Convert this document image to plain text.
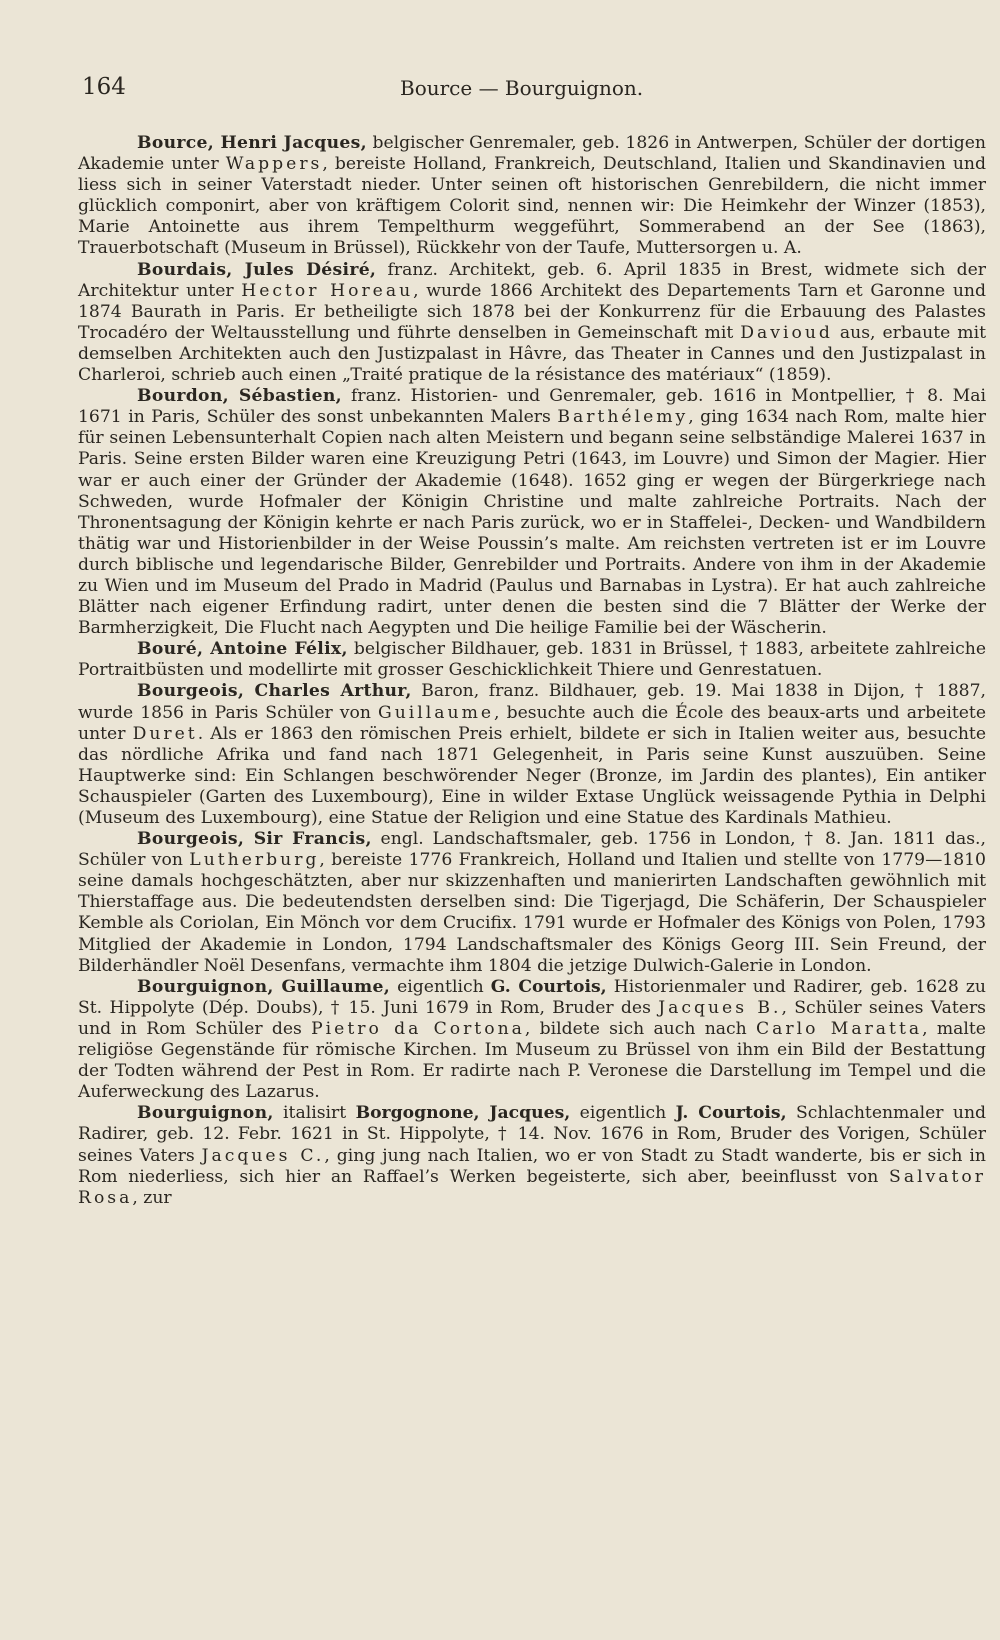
164	Bource — Bourguignon.

Bource, Henri Jacques, belgischer Genremaler, geb. 1826 in Antwerpen, Schüler der dortigen Akademie unter Wappers, bereiste Holland, Frankreich, Deutschland, Italien und Skandinavien und liess sich in seiner Vaterstadt nieder. Unter seinen oft historischen Genrebildern, die nicht immer glücklich componirt, aber von kräftigem Colorit sind, nennen wir: Die Heimkehr der Winzer (1853), Marie Antoinette aus ihrem Tempelthurm weggeführt, Sommerabend an der See (1863), Trauerbotschaft (Museum in Brüssel), Rückkehr von der Taufe, Muttersorgen u. A.

Bourdais, Jules Désiré, franz. Architekt, geb. 6. April 1835 in Brest, widmete sich der Architektur unter Hector Horeau, wurde 1866 Architekt des Departements Tarn et Garonne und 1874 Baurath in Paris. Er betheiligte sich 1878 bei der Konkurrenz für die Erbauung des Palastes Trocadéro der Weltausstellung und führte denselben in Gemeinschaft mit Davioud aus, erbaute mit demselben Architekten auch den Justizpalast in Hâvre, das Theater in Cannes und den Justizpalast in Charleroi, schrieb auch einen „Traité pratique de la résistance des matériaux“ (1859).

Bourdon, Sébastien, franz. Historien- und Genremaler, geb. 1616 in Montpellier, † 8. Mai 1671 in Paris, Schüler des sonst unbekannten Malers Barthélemy, ging 1634 nach Rom, malte hier für seinen Lebensunterhalt Copien nach alten Meistern und begann seine selbständige Malerei 1637 in Paris. Seine ersten Bilder waren eine Kreuzigung Petri (1643, im Louvre) und Simon der Magier. Hier war er auch einer der Gründer der Akademie (1648). 1652 ging er wegen der Bürgerkriege nach Schweden, wurde Hofmaler der Königin Christine und malte zahlreiche Portraits. Nach der Thronentsagung der Königin kehrte er nach Paris zurück, wo er in Staffelei-, Decken- und Wandbildern thätig war und Historienbilder in der Weise Poussin’s malte. Am reichsten vertreten ist er im Louvre durch biblische und legendarische Bilder, Genrebilder und Portraits. Andere von ihm in der Akademie zu Wien und im Museum del Prado in Madrid (Paulus und Barnabas in Lystra). Er hat auch zahlreiche Blätter nach eigener Erfindung radirt, unter denen die besten sind die 7 Blätter der Werke der Barmherzigkeit, Die Flucht nach Aegypten und Die heilige Familie bei der Wäscherin.

Bouré, Antoine Félix, belgischer Bildhauer, geb. 1831 in Brüssel, † 1883, arbeitete zahlreiche Portraitbüsten und modellirte mit grosser Geschicklichkeit Thiere und Genrestatuen.

Bourgeois, Charles Arthur, Baron, franz. Bildhauer, geb. 19. Mai 1838 in Dijon, † 1887, wurde 1856 in Paris Schüler von Guillaume, besuchte auch die École des beaux-arts und arbeitete unter Duret. Als er 1863 den römischen Preis erhielt, bildete er sich in Italien weiter aus, besuchte das nördliche Afrika und fand nach 1871 Gelegenheit, in Paris seine Kunst auszuüben. Seine Hauptwerke sind: Ein Schlangen beschwörender Neger (Bronze, im Jardin des plantes), Ein antiker Schauspieler (Garten des Luxembourg), Eine in wilder Extase Unglück weissagende Pythia in Delphi (Museum des Luxembourg), eine Statue der Religion und eine Statue des Kardinals Mathieu.

Bourgeois, Sir Francis, engl. Landschaftsmaler, geb. 1756 in London, † 8. Jan. 1811 das., Schüler von Lutherburg, bereiste 1776 Frankreich, Holland und Italien und stellte von 1779—1810 seine damals hochgeschätzten, aber nur skizzenhaften und manierirten Landschaften gewöhnlich mit Thierstaffage aus. Die bedeutendsten derselben sind: Die Tigerjagd, Die Schäferin, Der Schauspieler Kemble als Coriolan, Ein Mönch vor dem Crucifix. 1791 wurde er Hofmaler des Königs von Polen, 1793 Mitglied der Akademie in London, 1794 Landschaftsmaler des Königs Georg III. Sein Freund, der Bilderhändler Noël Desenfans, vermachte ihm 1804 die jetzige Dulwich-Galerie in London.

Bourguignon, Guillaume, eigentlich G. Courtois, Historienmaler und Radirer, geb. 1628 zu St. Hippolyte (Dép. Doubs), † 15. Juni 1679 in Rom, Bruder des Jacques B., Schüler seines Vaters und in Rom Schüler des Pietro da Cortona, bildete sich auch nach Carlo Maratta, malte religiöse Gegenstände für römische Kirchen. Im Museum zu Brüssel von ihm ein Bild der Bestattung der Todten während der Pest in Rom. Er radirte nach P. Veronese die Darstellung im Tempel und die Auferweckung des Lazarus.

Bourguignon, italisirt Borgognone, Jacques, eigentlich J. Courtois, Schlachtenmaler und Radirer, geb. 12. Febr. 1621 in St. Hippolyte, † 14. Nov. 1676 in Rom, Bruder des Vorigen, Schüler seines Vaters Jacques C., ging jung nach Italien, wo er von Stadt zu Stadt wanderte, bis er sich in Rom niederliess, sich hier an Raffael’s Werken begeisterte, sich aber, beeinflusst von Salvator Rosa, zur
